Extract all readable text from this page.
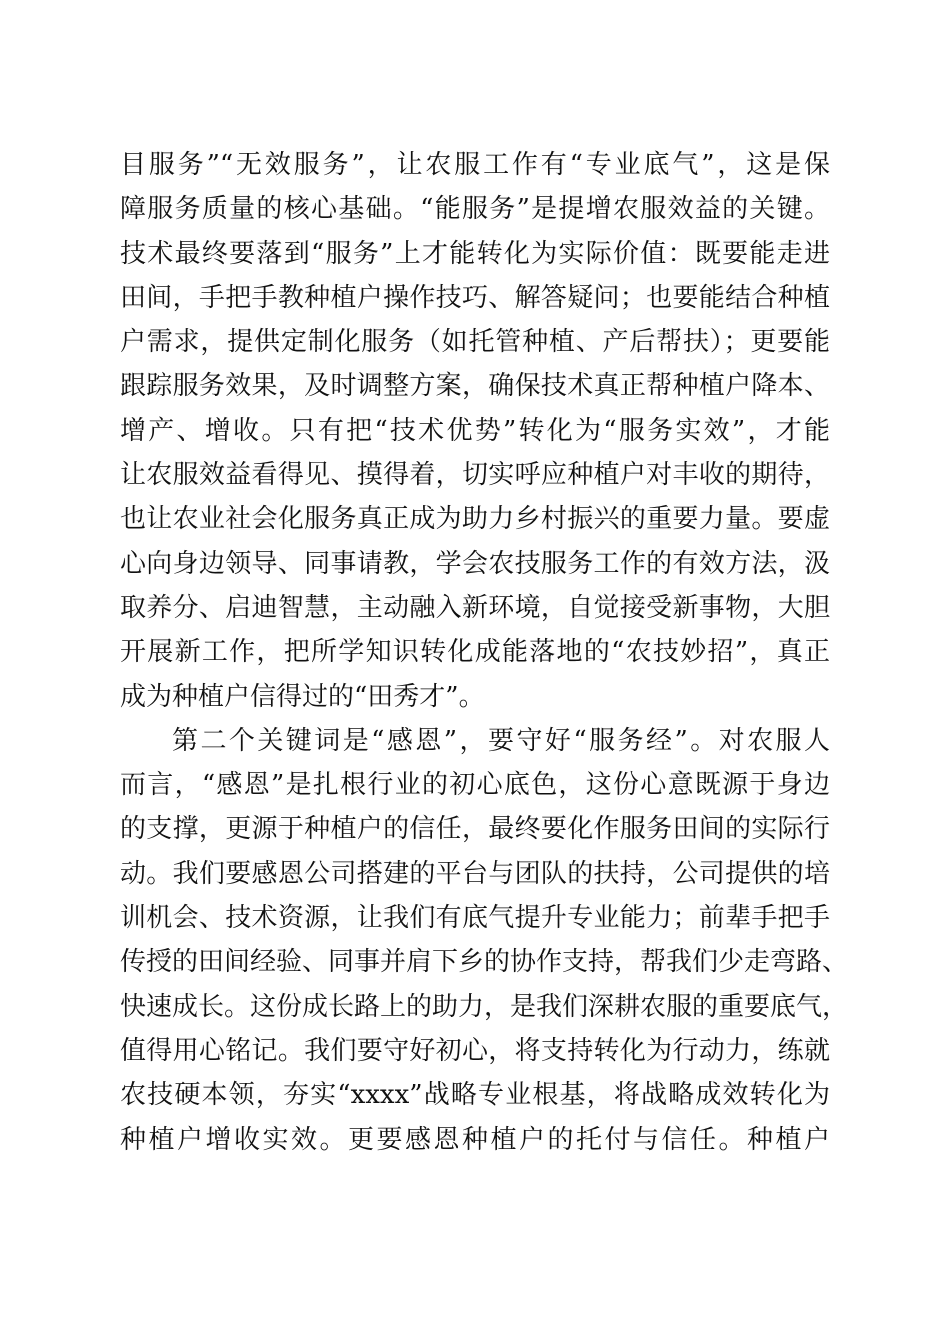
目服务”“无效服务”，让农服工作有“专业底气”，这是保
障服务质量的核心基础。“能服务”是提增农服效益的关键。
技术最终要落到“服务”上才能转化为实际价值：既要能走进
田间，手把手教种植户操作技巧、解答疑问；也要能结合种植
户需求，提供定制化服务（如托管种植、产后帮扶）；更要能
跟踪服务效果，及时调整方案，确保技术真正帮种植户降本、
增产、增收。只有把“技术优势”转化为“服务实效”，才能
让农服效益看得见、摸得着，切实呼应种植户对丰收的期待，
也让农业社会化服务真正成为助力乡村振兴的重要力量。要虚
心向身边领导、同事请教，学会农技服务工作的有效方法，汲
取养分、启迪智慧，主动融入新环境，自觉接受新事物，大胆
开展新工作，把所学知识转化成能落地的“农技妙招”，真正
成为种植户信得过的“田秀才”。
第二个关键词是“感恩”，要守好“服务经”。对农服人
而言，“感恩”是扎根行业的初心底色，这份心意既源于身边
的支撑，更源于种植户的信任，最终要化作服务田间的实际行
动。我们要感恩公司搭建的平台与团队的扶持，公司提供的培
训机会、技术资源，让我们有底气提升专业能力；前辈手把手
传授的田间经验、同事并肩下乡的协作支持，帮我们少走弯路、
快速成长。这份成长路上的助力，是我们深耕农服的重要底气，
值得用心铭记。我们要守好初心，将支持转化为行动力，练就
农技硬本领，夯实“xxxx”战略专业根基，将战略成效转化为
种植户增收实效。更要感恩种植户的托付与信任。种植户
